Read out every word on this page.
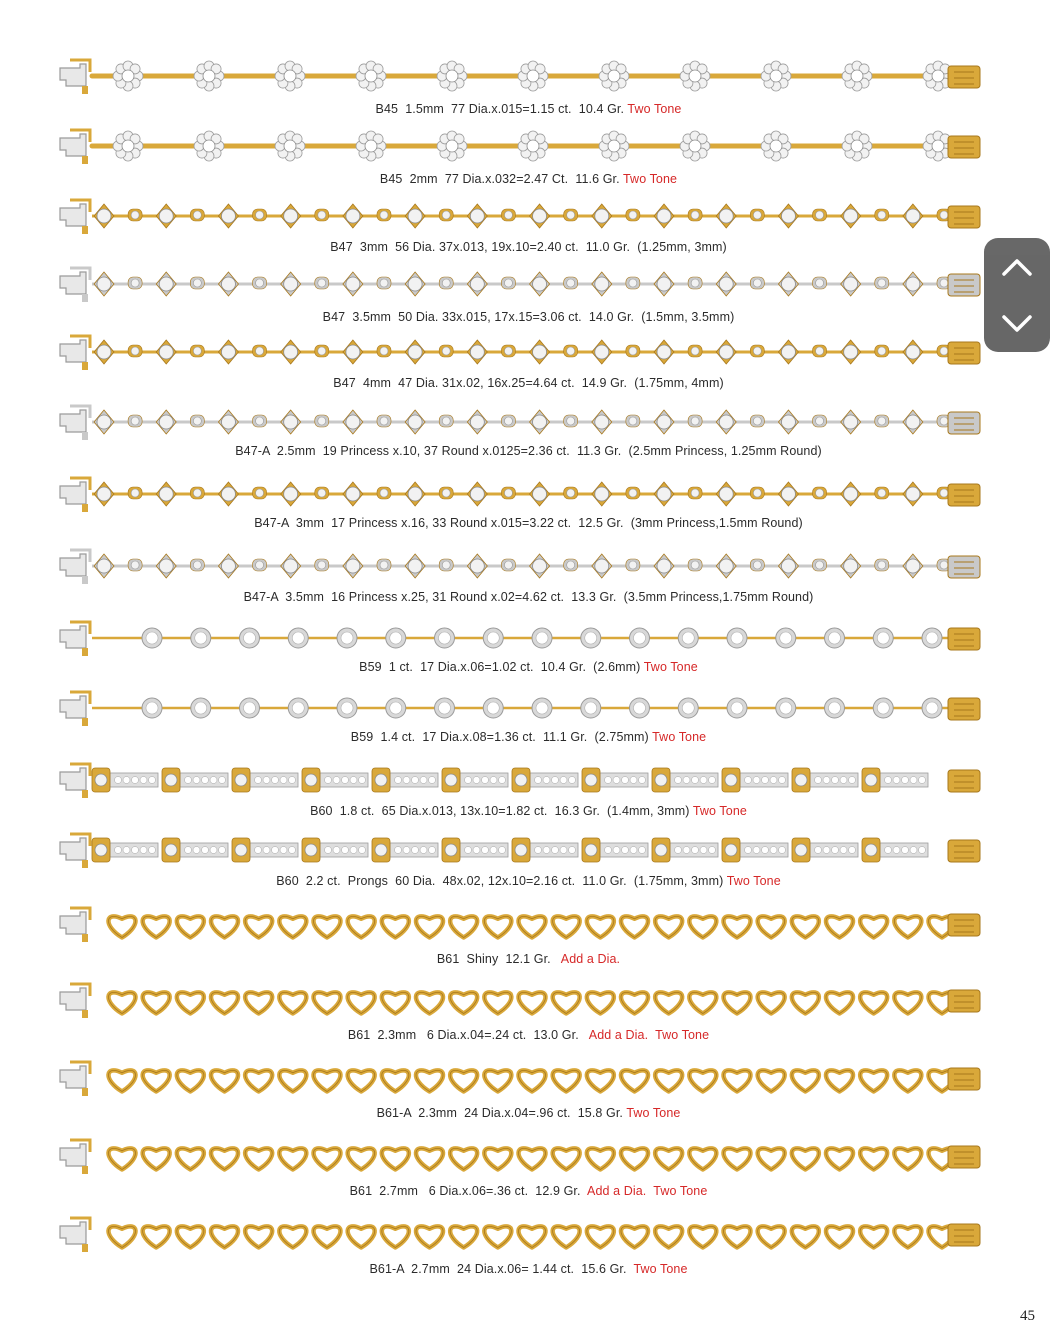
B45  1.5mm  77 Dia.x.015=1.15 ct.  10.4 Gr. Two Tone
B45  2mm  77 Dia.x.032=2.47 Ct.  11.6 Gr. Two Tone
B47  3mm  56 Dia. 37x.013, 19x.10=2.40 ct.  11.0 Gr.  (1.25mm, 3mm)
B47  3.5mm  50 Dia. 33x.015, 17x.15=3.06 ct.  14.0 Gr.  (1.5mm, 3.5mm)
B47  4mm  47 Dia. 31x.02, 16x.25=4.64 ct.  14.9 Gr.  (1.75mm, 4mm)
B47-A  2.5mm  19 Princess x.10, 37 Round x.0125=2.36 ct.  11.3 Gr.  (2.5mm Princess, 1.25mm Round)
B47-A  3mm  17 Princess x.16, 33 Round x.015=3.22 ct.  12.5 Gr.  (3mm Princess,1.5mm Round)
B47-A  3.5mm  16 Princess x.25, 31 Round x.02=4.62 ct.  13.3 Gr.  (3.5mm Princess,1.75mm Round)
B59  1 ct.  17 Dia.x.06=1.02 ct.  10.4 Gr.  (2.6mm) Two Tone
B59  1.4 ct.  17 Dia.x.08=1.36 ct.  11.1 Gr.  (2.75mm) Two Tone
B60  1.8 ct.  65 Dia.x.013, 13x.10=1.82 ct.  16.3 Gr.  (1.4mm, 3mm) Two Tone
B60  2.2 ct.  Prongs  60 Dia.  48x.02, 12x.10=2.16 ct.  11.0 Gr.  (1.75mm, 3mm) Two Tone
B61  Shiny  12.1 Gr.   Add a Dia.
B61  2.3mm   6 Dia.x.04=.24 ct.  13.0 Gr.   Add a Dia.  Two Tone
B61-A  2.3mm  24 Dia.x.04=.96 ct.  15.8 Gr. Two Tone
B61  2.7mm   6 Dia.x.06=.36 ct.  12.9 Gr.  Add a Dia.  Two Tone
B61-A  2.7mm  24 Dia.x.06= 1.44 ct.  15.6 Gr.  Two Tone
45
